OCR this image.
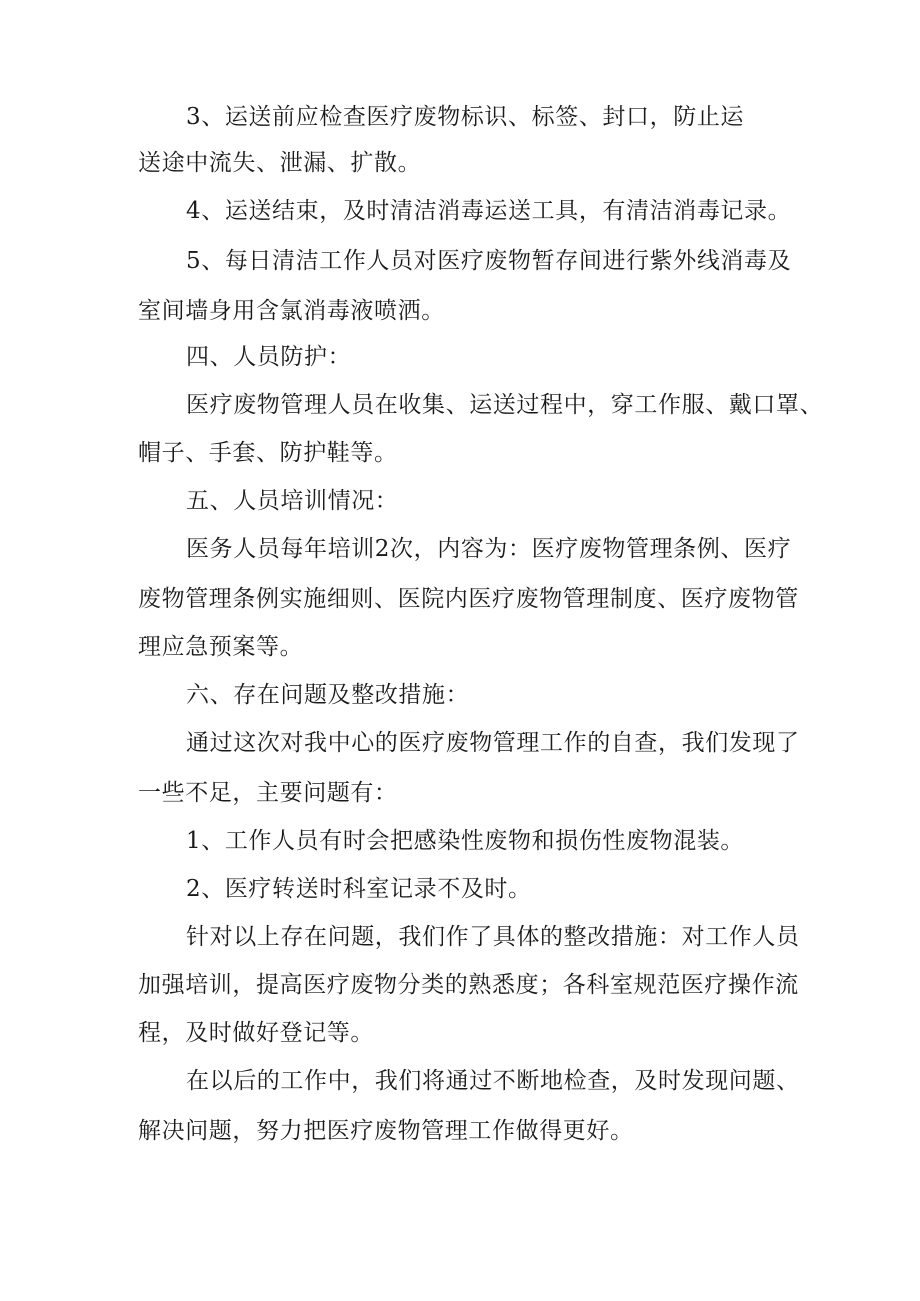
3、运送前应检查医疗废物标识、标签、封口，防止运
送途中流失、泄漏、扩散。
4、运送结束，及时清洁消毒运送工具，有清洁消毒记录。
5、每日清洁工作人员对医疗废物暂存间进行紫外线消毒及
室间墙身用含氯消毒液喷洒。
四、人员防护：
医疗废物管理人员在收集、运送过程中，穿工作服、戴口罩、
帽子、手套、防护鞋等。
五、人员培训情况：
医务人员每年培训2次，内容为：医疗废物管理条例、医疗
废物管理条例实施细则、医院内医疗废物管理制度、医疗废物管
理应急预案等。
六、存在问题及整改措施：
通过这次对我中心的医疗废物管理工作的自查，我们发现了
一些不足，主要问题有：
1、工作人员有时会把感染性废物和损伤性废物混装。
2、医疗转送时科室记录不及时。
针对以上存在问题，我们作了具体的整改措施：对工作人员
加强培训，提高医疗废物分类的熟悉度；各科室规范医疗操作流
程，及时做好登记等。
在以后的工作中，我们将通过不断地检查，及时发现问题、
解决问题，努力把医疗废物管理工作做得更好。
